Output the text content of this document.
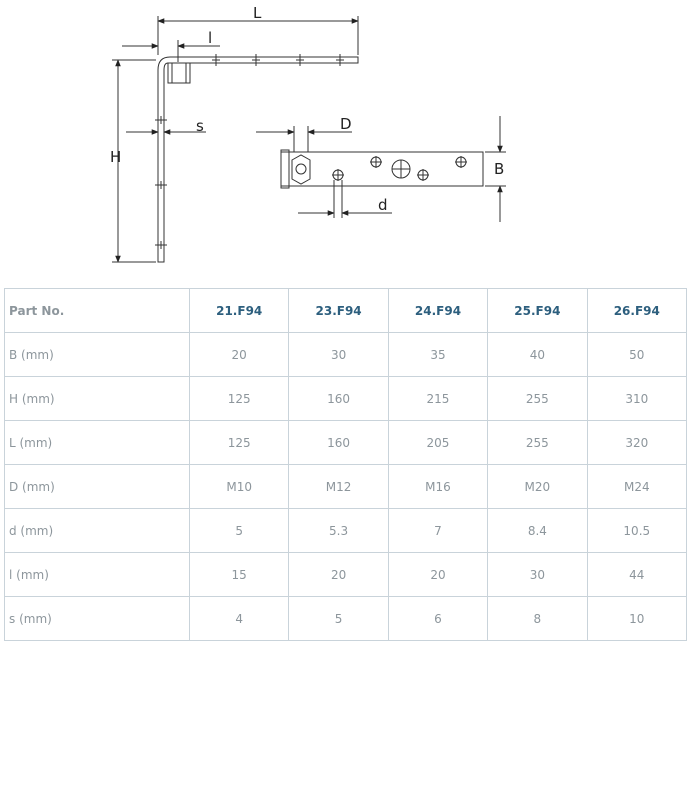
L
l
s
H
D
B
d
Part No.	21.F94	23.F94	24.F94	25.F94	26.F94
B (mm)	20	30	35	40	50
H (mm)	125	160	215	255	310
L (mm)	125	160	205	255	320
D (mm)	M10	M12	M16	M20	M24
d (mm)	5	5.3	7	8.4	10.5
l (mm)	15	20	20	30	44
s (mm)	4	5	6	8	10
